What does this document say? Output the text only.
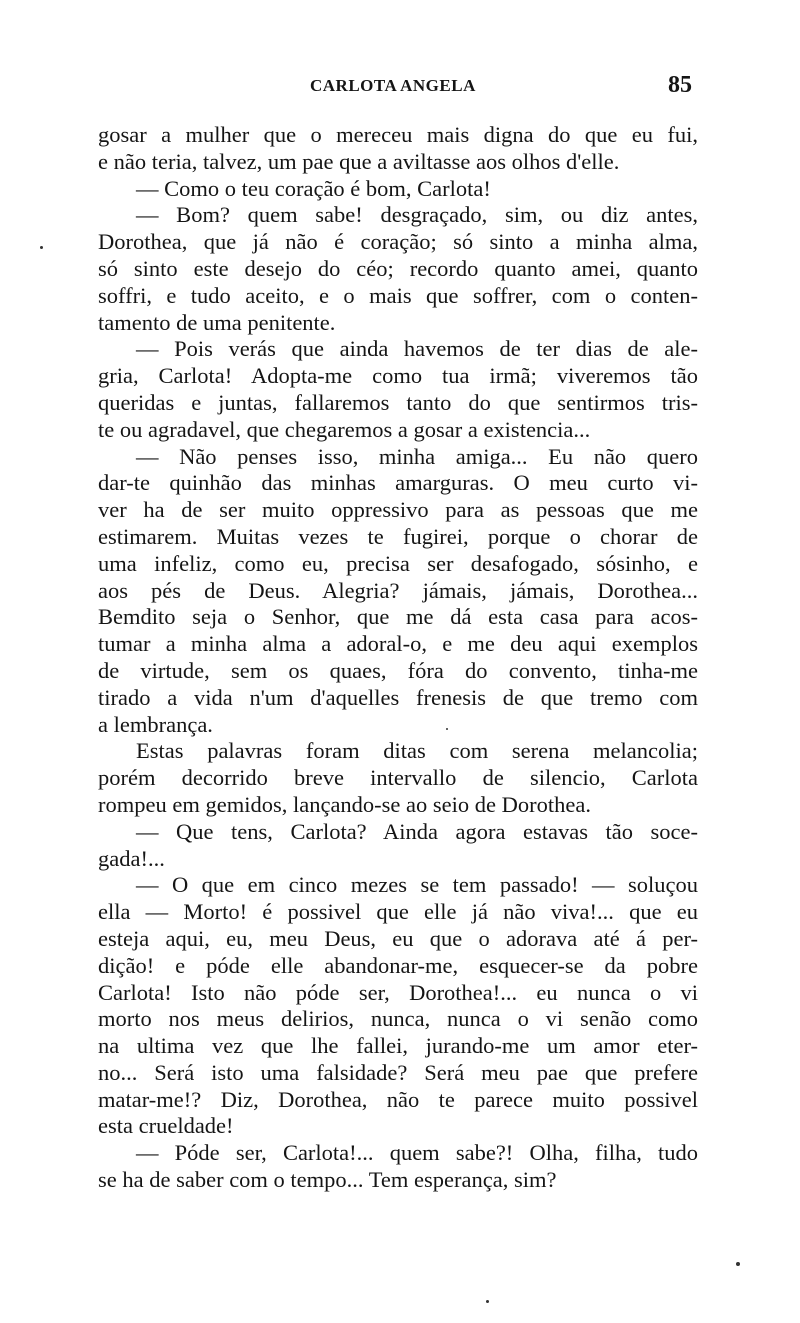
CARLOTA ANGELA	85
gosar a mulher que o mereceu mais digna do que eu fui,
e não teria, talvez, um pae que a aviltasse aos olhos d'elle.
— Como o teu coração é bom, Carlota!
— Bom? quem sabe! desgraçado, sim, ou diz antes,
Dorothea, que já não é coração; só sinto a minha alma,
só sinto este desejo do céo; recordo quanto amei, quanto
soffri, e tudo aceito, e o mais que soffrer, com o conten-
tamento de uma penitente.
— Pois verás que ainda havemos de ter dias de ale-
gria, Carlota! Adopta-me como tua irmã; viveremos tão
queridas e juntas, fallaremos tanto do que sentirmos tris-
te ou agradavel, que chegaremos a gosar a existencia...
— Não penses isso, minha amiga... Eu não quero
dar-te quinhão das minhas amarguras. O meu curto vi-
ver ha de ser muito oppressivo para as pessoas que me
estimarem. Muitas vezes te fugirei, porque o chorar de
uma infeliz, como eu, precisa ser desafogado, sósinho, e
aos pés de Deus. Alegria? jámais, jámais, Dorothea...
Bemdito seja o Senhor, que me dá esta casa para acos-
tumar a minha alma a adoral-o, e me deu aqui exemplos
de virtude, sem os quaes, fóra do convento, tinha-me
tirado a vida n'um d'aquelles frenesis de que tremo com
a lembrança.
Estas palavras foram ditas com serena melancolia;
porém decorrido breve intervallo de silencio, Carlota
rompeu em gemidos, lançando-se ao seio de Dorothea.
— Que tens, Carlota? Ainda agora estavas tão soce-
gada!...
— O que em cinco mezes se tem passado! — soluçou
ella — Morto! é possivel que elle já não viva!... que eu
esteja aqui, eu, meu Deus, eu que o adorava até á per-
dição! e póde elle abandonar-me, esquecer-se da pobre
Carlota! Isto não póde ser, Dorothea!... eu nunca o vi
morto nos meus delirios, nunca, nunca o vi senão como
na ultima vez que lhe fallei, jurando-me um amor eter-
no... Será isto uma falsidade? Será meu pae que prefere
matar-me!? Diz, Dorothea, não te parece muito possivel
esta crueldade!
— Póde ser, Carlota!... quem sabe?! Olha, filha, tudo
se ha de saber com o tempo... Tem esperança, sim?
